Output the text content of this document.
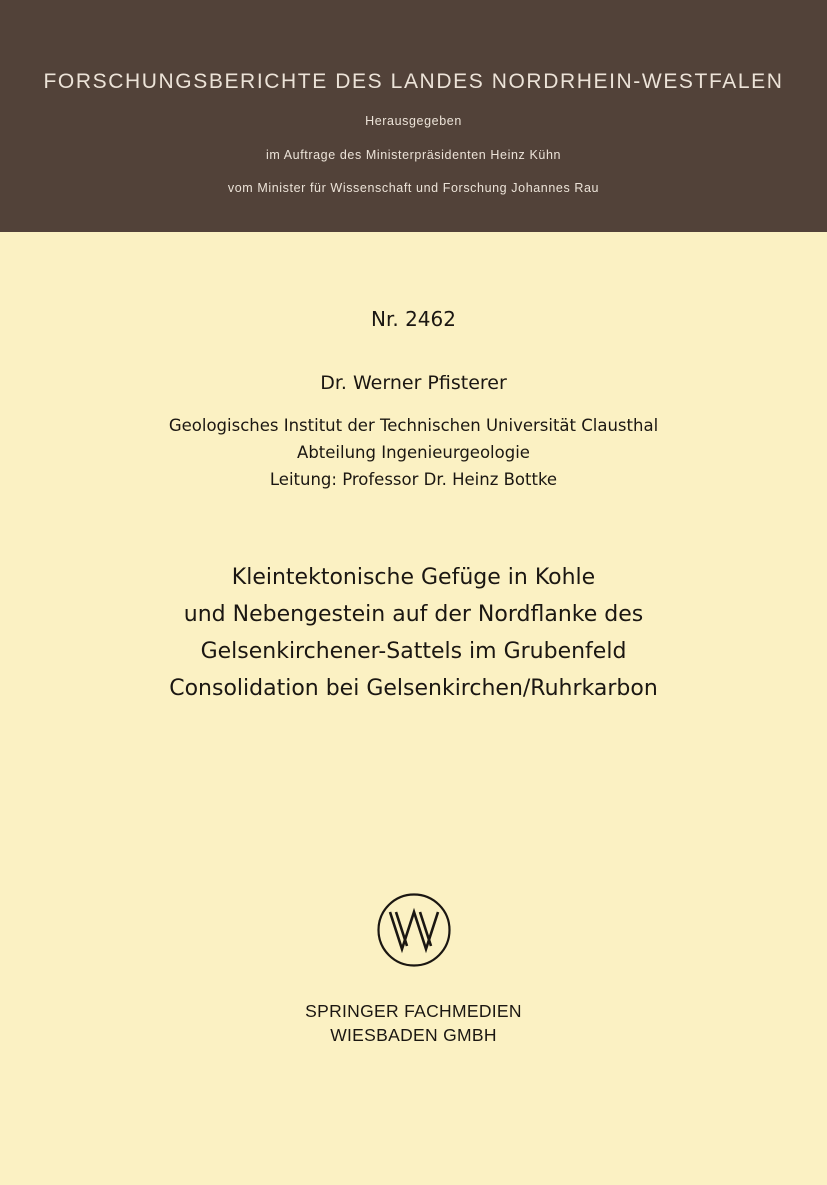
FORSCHUNGSBERICHTE DES LANDES NORDRHEIN-WESTFALEN
Herausgegeben
im Auftrage des Ministerpräsidenten Heinz Kühn
vom Minister für Wissenschaft und Forschung Johannes Rau
Nr. 2462
Dr. Werner Pfisterer
Geologisches Institut der Technischen Universität Clausthal
Abteilung Ingenieurgeologie
Leitung: Professor Dr. Heinz Bottke
Kleintektonische Gefüge in Kohle
und Nebengestein auf der Nordflanke des
Gelsenkirchener-Sattels im Grubenfeld
Consolidation bei Gelsenkirchen/Ruhrkarbon
SPRINGER FACHMEDIEN
WIESBADEN GMBH
